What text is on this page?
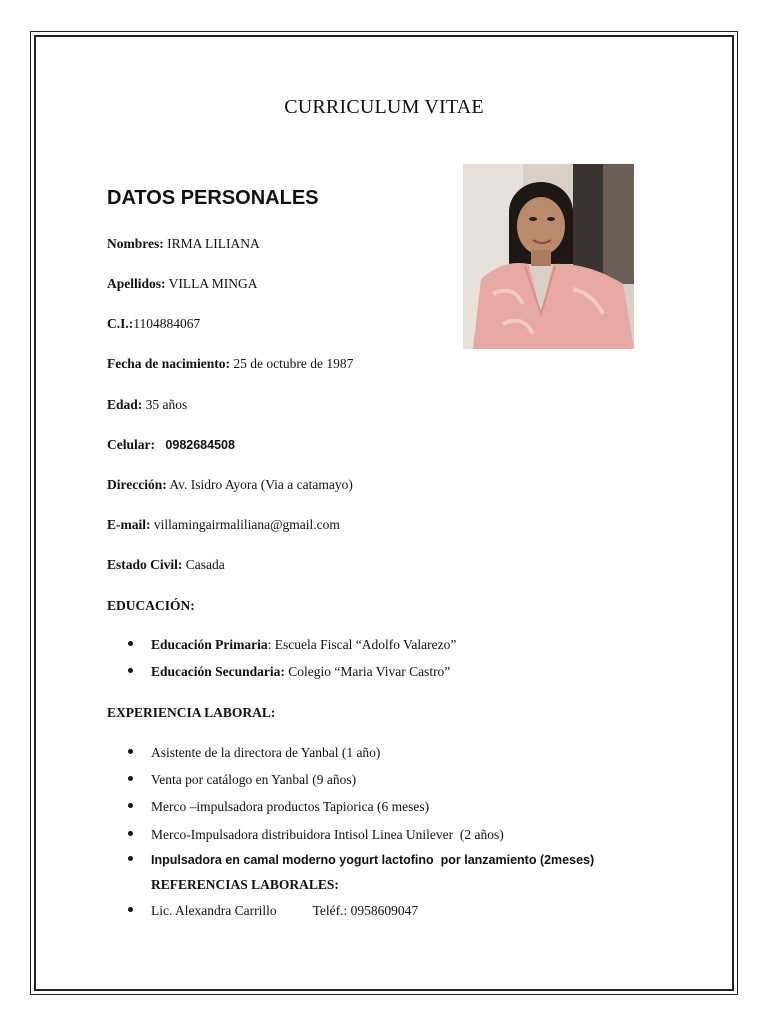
CURRICULUM VITAE
DATOS PERSONALES
Nombres: IRMA LILIANA
Apellidos: VILLA MINGA
C.I.:1104884067
Fecha de nacimiento: 25 de octubre de 1987
Edad: 35 años
Celular:   0982684508
Dirección: Av. Isidro Ayora (Via a catamayo)
E-mail: villamingairmaliliana@gmail.com
Estado Civil: Casada
EDUCACIÓN:
Educación Primaria: Escuela Fiscal “Adolfo Valarezo”
Educación Secundaria: Colegio “Maria Vivar Castro”
EXPERIENCIA LABORAL:
Asistente de la directora de Yanbal (1 año)
Venta por catálogo en Yanbal (9 años)
Merco –impulsadora productos Tapiorica (6 meses)
Merco-Impulsadora distribuidora Intisol Linea Unilever  (2 años)
Inpulsadora en camal moderno yogurt lactofino  por lanzamiento (2meses)
REFERENCIAS LABORALES:
Lic. Alexandra Carrillo	Teléf.: 0958609047
